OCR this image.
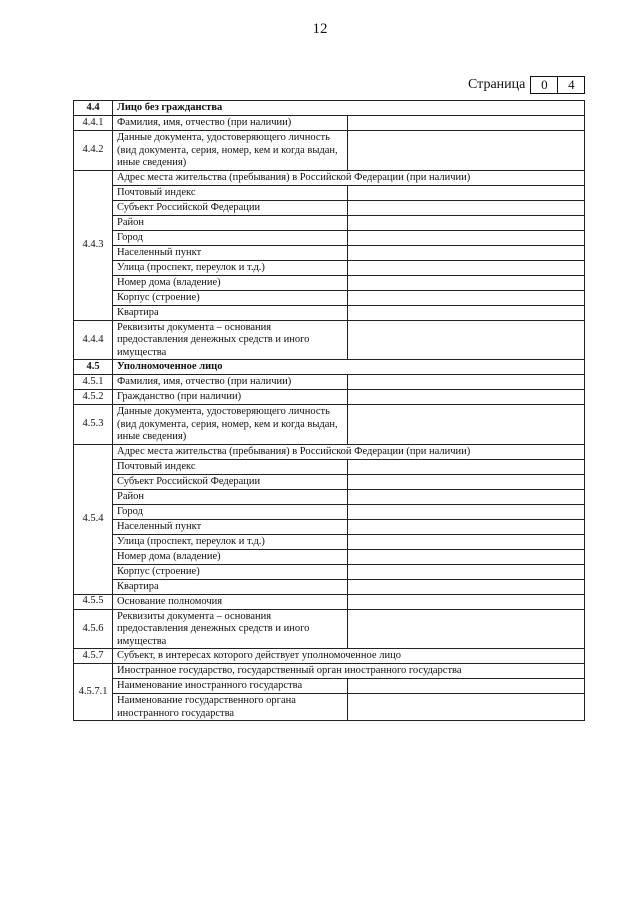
12
Страница	0	4
4.4	Лицо без гражданства	
4.4.1	Фамилия, имя, отчество (при наличии)	
4.4.2	Данные документа, удостоверяющего личность (вид документа, серия, номер, кем и когда выдан, иные сведения)	
4.4.3	Адрес места жительства (пребывания) в Российской Федерации (при наличии)	
	Почтовый индекс	
	Субъект Российской Федерации	
	Район	
	Город	
	Населенный пункт	
	Улица (проспект, переулок и т.д.)	
	Номер дома (владение)	
	Корпус (строение)	
	Квартира	
4.4.4	Реквизиты документа – основания предоставления денежных средств и иного имущества	
4.5	Уполномоченное лицо	
4.5.1	Фамилия, имя, отчество (при наличии)	
4.5.2	Гражданство (при наличии)	
4.5.3	Данные документа, удостоверяющего личность (вид документа, серия, номер, кем и когда выдан, иные сведения)	
4.5.4	Адрес места жительства (пребывания) в Российской Федерации (при наличии)	
	Почтовый индекс	
	Субъект Российской Федерации	
	Район	
	Город	
	Населенный пункт	
	Улица (проспект, переулок и т.д.)	
	Номер дома (владение)	
	Корпус (строение)	
	Квартира	
4.5.5	Основание полномочия	
4.5.6	Реквизиты документа – основания предоставления денежных средств и иного имущества	
4.5.7	Субъект, в интересах которого действует уполномоченное лицо	
4.5.7.1	Иностранное государство, государственный орган иностранного государства	
	Наименование иностранного государства	
	Наименование государственного органа иностранного государства	
